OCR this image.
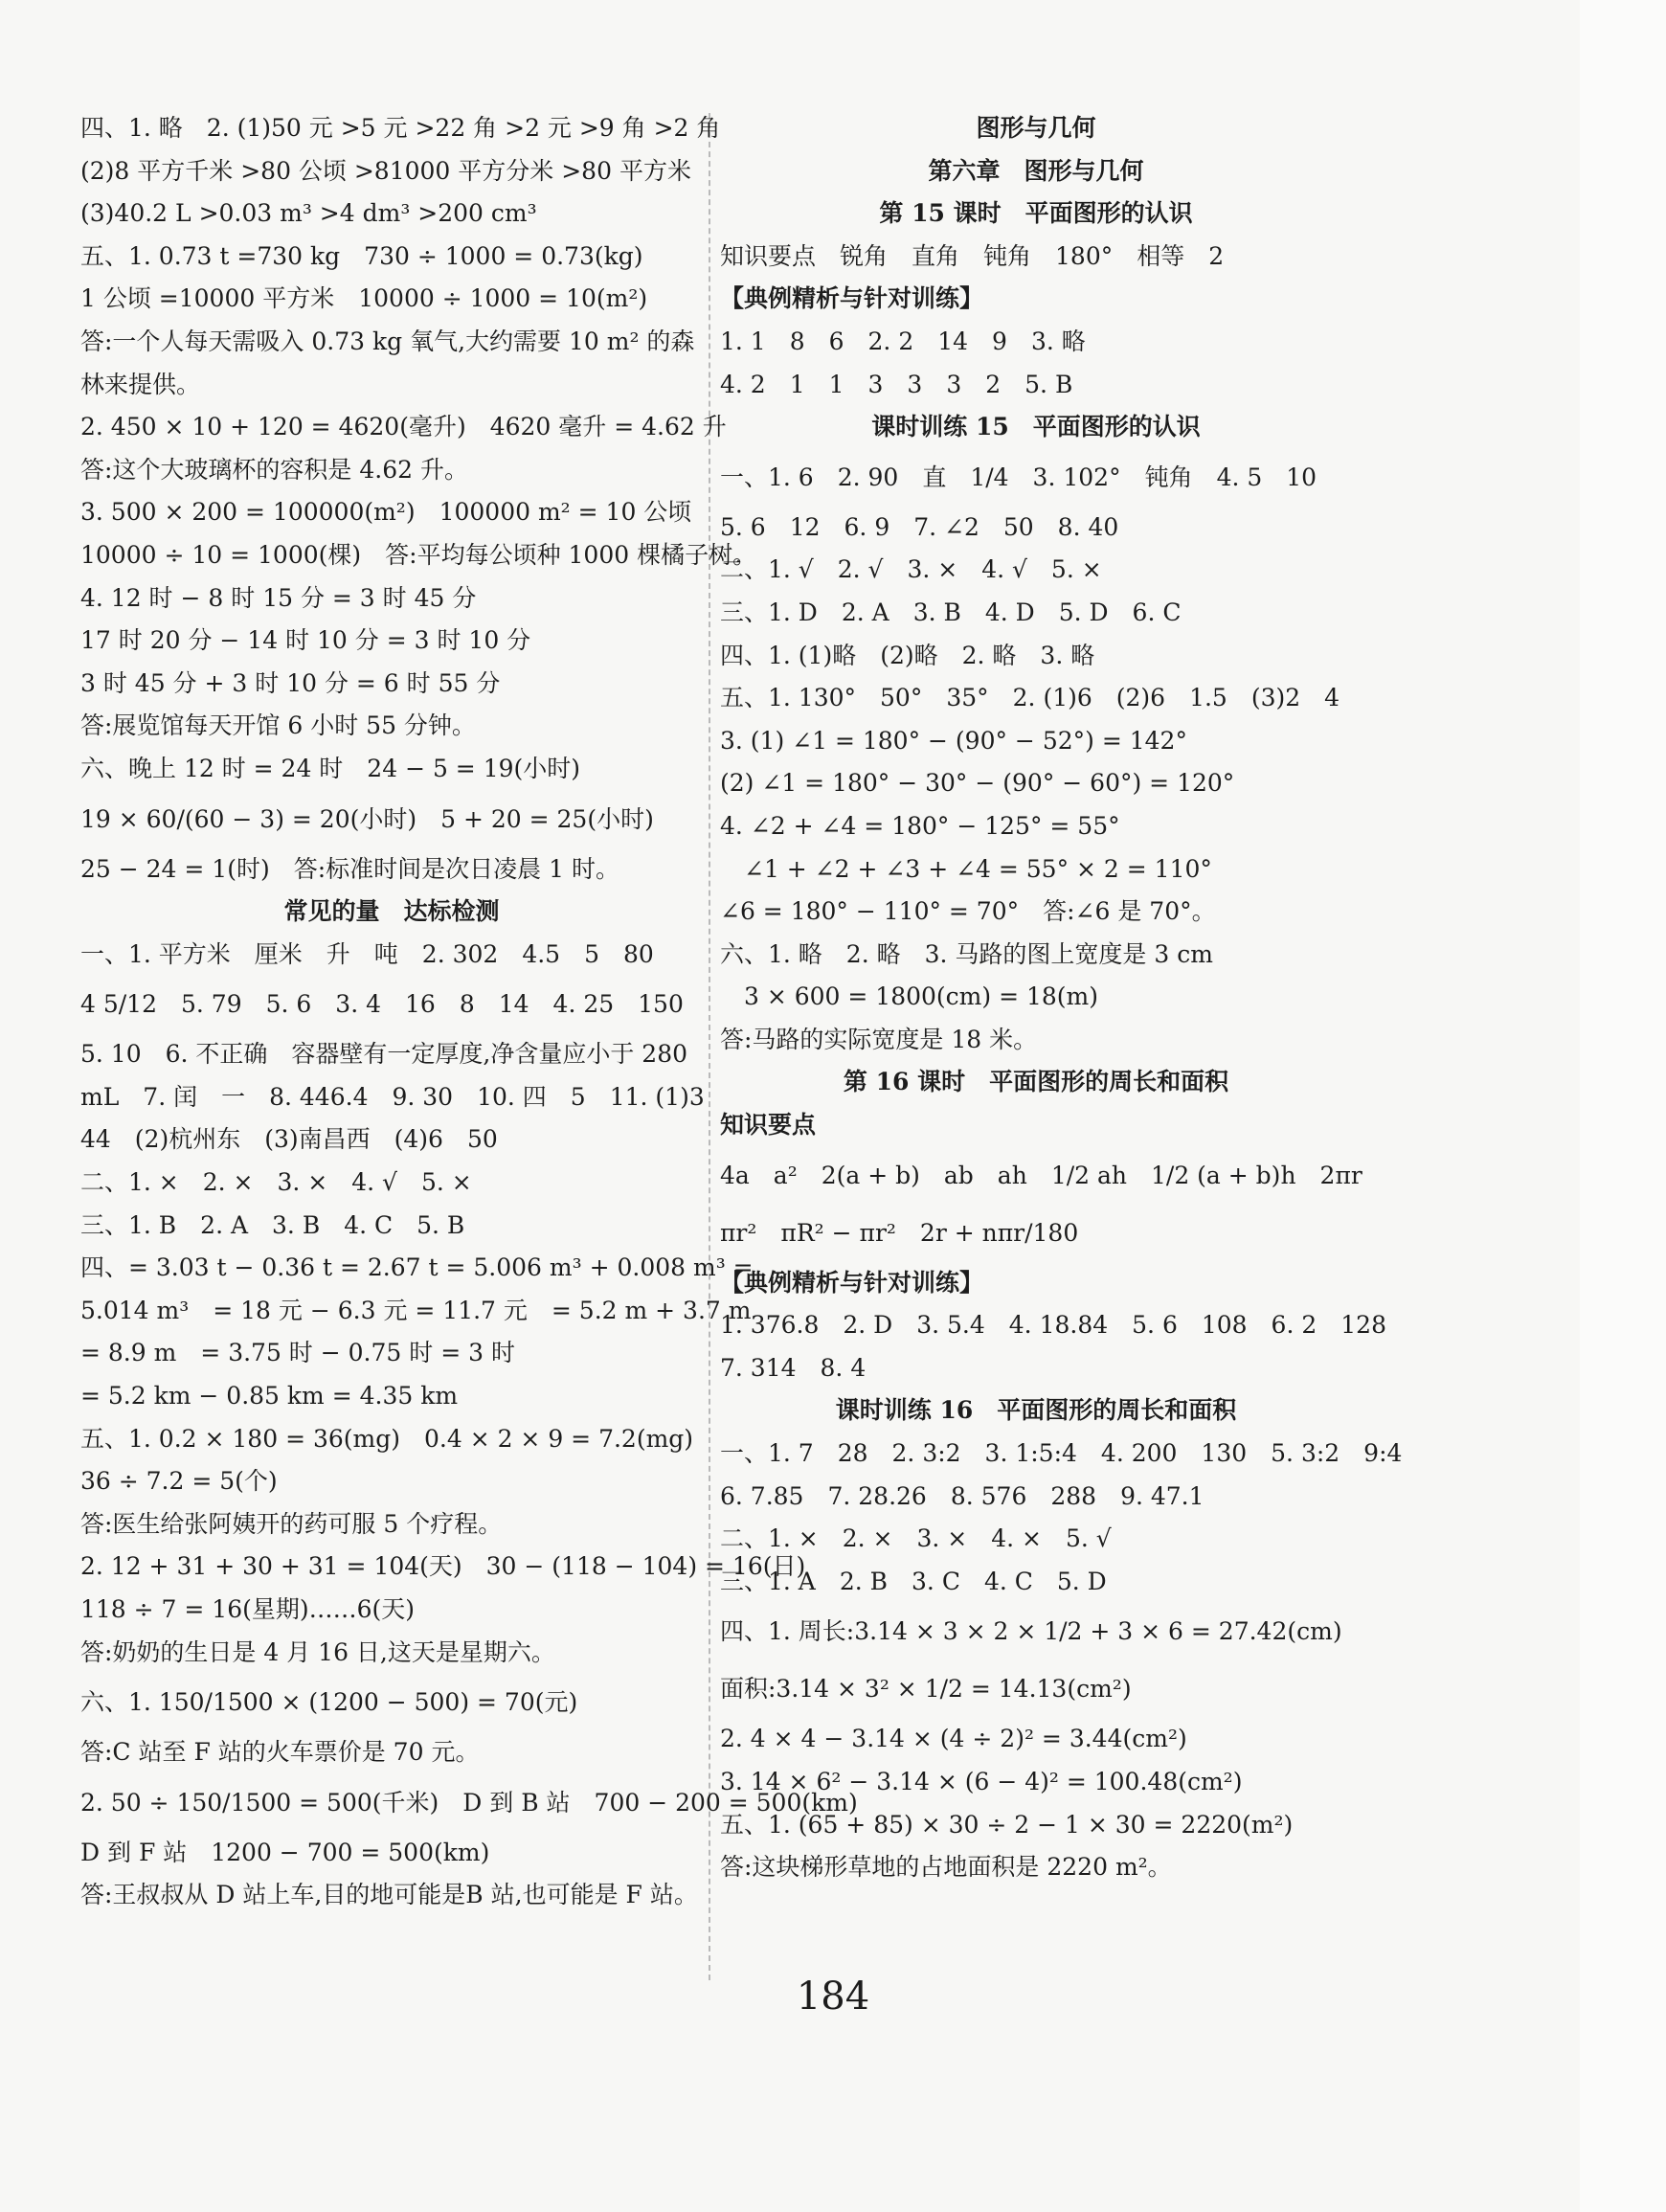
四、1. 略　2. (1)50 元 >5 元 >22 角 >2 元 >9 角 >2 角
(2)8 平方千米 >80 公顷 >81000 平方分米 >80 平方米
(3)40.2 L >0.03 m³ >4 dm³ >200 cm³
五、1. 0.73 t =730 kg　730 ÷ 1000 = 0.73(kg)
1 公顷 =10000 平方米　10000 ÷ 1000 = 10(m²)
答:一个人每天需吸入 0.73 kg 氧气,大约需要 10 m² 的森
林来提供。
2. 450 × 10 + 120 = 4620(毫升)　4620 毫升 = 4.62 升
答:这个大玻璃杯的容积是 4.62 升。
3. 500 × 200 = 100000(m²)　100000 m² = 10 公顷
10000 ÷ 10 = 1000(棵)　答:平均每公顷种 1000 棵橘子树。
4. 12 时 − 8 时 15 分 = 3 时 45 分
17 时 20 分 − 14 时 10 分 = 3 时 10 分
3 时 45 分 + 3 时 10 分 = 6 时 55 分
答:展览馆每天开馆 6 小时 55 分钟。
六、晚上 12 时 = 24 时　24 − 5 = 19(小时)
19 × 60/(60 − 3) = 20(小时)　5 + 20 = 25(小时)
25 − 24 = 1(时)　答:标准时间是次日凌晨 1 时。
常见的量　达标检测
一、1. 平方米　厘米　升　吨　2. 302　4.5　5　80
4 5/12　5. 79　5. 6　3. 4　16　8　14　4. 25　150
5. 10　6. 不正确　容器壁有一定厚度,净含量应小于 280
mL　7. 闰　一　8. 446.4　9. 30　10. 四　5　11. (1)3
44　(2)杭州东　(3)南昌西　(4)6　50
二、1. ×　2. ×　3. ×　4. √　5. ×
三、1. B　2. A　3. B　4. C　5. B
四、= 3.03 t − 0.36 t = 2.67 t = 5.006 m³ + 0.008 m³ =
5.014 m³　= 18 元 − 6.3 元 = 11.7 元　= 5.2 m + 3.7 m
= 8.9 m　= 3.75 时 − 0.75 时 = 3 时
= 5.2 km − 0.85 km = 4.35 km
五、1. 0.2 × 180 = 36(mg)　0.4 × 2 × 9 = 7.2(mg)
36 ÷ 7.2 = 5(个)
答:医生给张阿姨开的药可服 5 个疗程。
2. 12 + 31 + 30 + 31 = 104(天)　30 − (118 − 104) = 16(日)
118 ÷ 7 = 16(星期)……6(天)
答:奶奶的生日是 4 月 16 日,这天是星期六。
六、1. 150/1500 × (1200 − 500) = 70(元)
答:C 站至 F 站的火车票价是 70 元。
2. 50 ÷ 150/1500 = 500(千米)　D 到 B 站　700 − 200 = 500(km)
D 到 F 站　1200 − 700 = 500(km)
答:王叔叔从 D 站上车,目的地可能是B 站,也可能是 F 站。
图形与几何
第六章　图形与几何
第 15 课时　平面图形的认识
知识要点　锐角　直角　钝角　180°　相等　2
【典例精析与针对训练】
1. 1　8　6　2. 2　14　9　3. 略
4. 2　1　1　3　3　3　2　5. B
课时训练 15　平面图形的认识
一、1. 6　2. 90　直　1/4　3. 102°　钝角　4. 5　10
5. 6　12　6. 9　7. ∠2　50　8. 40
二、1. √　2. √　3. ×　4. √　5. ×
三、1. D　2. A　3. B　4. D　5. D　6. C
四、1. (1)略　(2)略　2. 略　3. 略
五、1. 130°　50°　35°　2. (1)6　(2)6　1.5　(3)2　4
3. (1) ∠1 = 180° − (90° − 52°) = 142°
(2) ∠1 = 180° − 30° − (90° − 60°) = 120°
4. ∠2 + ∠4 = 180° − 125° = 55°
　∠1 + ∠2 + ∠3 + ∠4 = 55° × 2 = 110°
∠6 = 180° − 110° = 70°　答:∠6 是 70°。
六、1. 略　2. 略　3. 马路的图上宽度是 3 cm
　3 × 600 = 1800(cm) = 18(m)
答:马路的实际宽度是 18 米。
第 16 课时　平面图形的周长和面积
知识要点
4a　a²　2(a + b)　ab　ah　1/2 ah　1/2 (a + b)h　2πr
πr²　πR² − πr²　2r + nπr/180
【典例精析与针对训练】
1. 376.8　2. D　3. 5.4　4. 18.84　5. 6　108　6. 2　128
7. 314　8. 4
课时训练 16　平面图形的周长和面积
一、1. 7　28　2. 3:2　3. 1:5:4　4. 200　130　5. 3:2　9:4
6. 7.85　7. 28.26　8. 576　288　9. 47.1
二、1. ×　2. ×　3. ×　4. ×　5. √
三、1. A　2. B　3. C　4. C　5. D
四、1. 周长:3.14 × 3 × 2 × 1/2 + 3 × 6 = 27.42(cm)
面积:3.14 × 3² × 1/2 = 14.13(cm²)
2. 4 × 4 − 3.14 × (4 ÷ 2)² = 3.44(cm²)
3. 14 × 6² − 3.14 × (6 − 4)² = 100.48(cm²)
五、1. (65 + 85) × 30 ÷ 2 − 1 × 30 = 2220(m²)
答:这块梯形草地的占地面积是 2220 m²。
184
